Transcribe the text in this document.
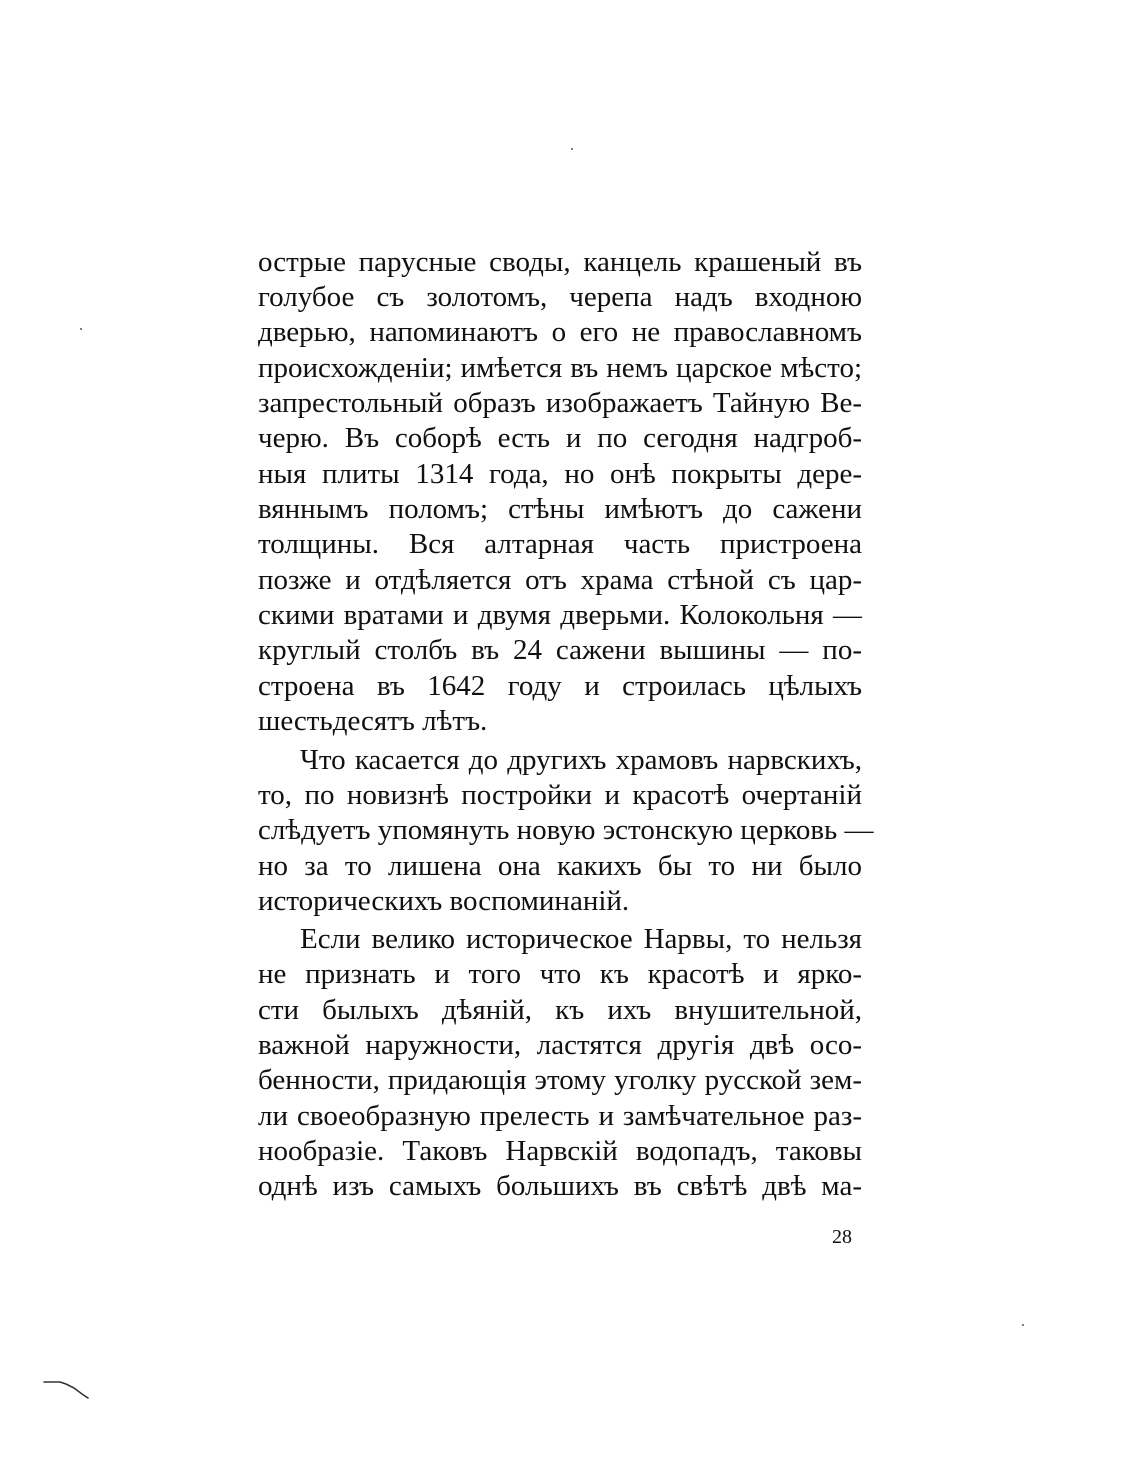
острые парусные своды, канцель крашеный въ
голубое съ золотомъ, черепа надъ входною
дверью, напоминаютъ о его не православномъ
происхожденіи; имѣется въ немъ царское мѣсто;
запрестольный образъ изображаетъ Тайную Ве-
черю. Въ соборѣ есть и по сегодня надгроб-
ныя плиты 1314 года, но онѣ покрыты дере-
вяннымъ поломъ; стѣны имѣютъ до сажени
толщины. Вся алтарная часть пристроена
позже и отдѣляется отъ храма стѣной съ цар-
скими вратами и двумя дверьми. Колокольня —
круглый столбъ въ 24 сажени вышины — по-
строена въ 1642 году и строилась цѣлыхъ
шестьдесятъ лѣтъ.
Что касается до другихъ храмовъ нарвскихъ,
то, по новизнѣ постройки и красотѣ очертаній
слѣдуетъ упомянуть новую эстонскую церковь —
но за то лишена она какихъ бы то ни было
историческихъ воспоминаній.
Если велико историческое Нарвы, то нельзя
не признать и того что къ красотѣ и ярко-
сти былыхъ дѣяній, къ ихъ внушительной,
важной наружности, ластятся другія двѣ осо-
бенности, придающія этому уголку русской зем-
ли своеобразную прелесть и замѣчательное раз-
нообразіе. Таковъ Нарвскій водопадъ, таковы
однѣ изъ самыхъ большихъ въ свѣтѣ двѣ ма-
28
